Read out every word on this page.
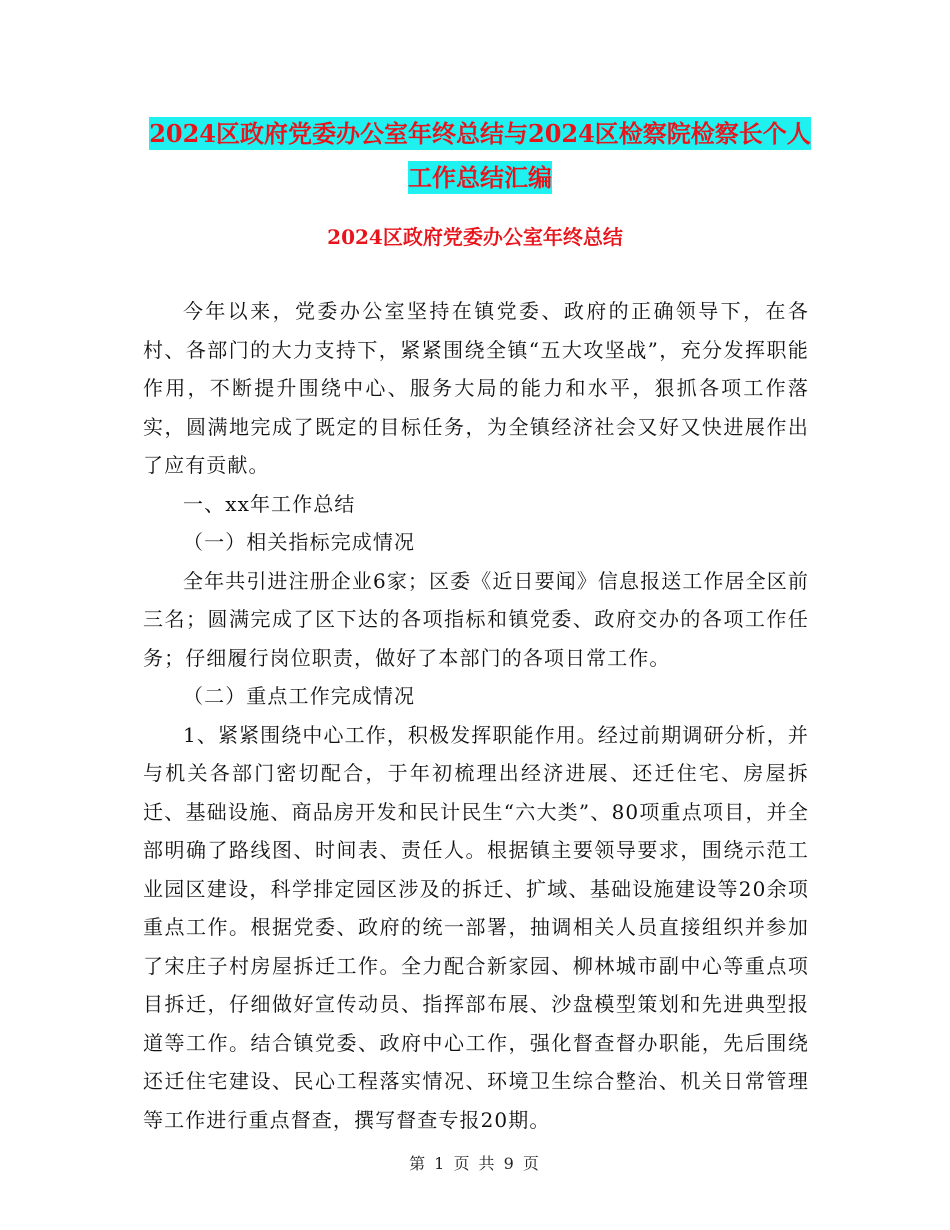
2024区政府党委办公室年终总结与2024区检察院检察长个人工作总结汇编
2024区政府党委办公室年终总结

今年以来，党委办公室坚持在镇党委、政府的正确领导下，在各村、各部门的大力支持下，紧紧围绕全镇“五大攻坚战”，充分发挥职能作用，不断提升围绕中心、服务大局的能力和水平，狠抓各项工作落实，圆满地完成了既定的目标任务，为全镇经济社会又好又快进展作出了应有贡献。

一、xx年工作总结

（一）相关指标完成情况

全年共引进注册企业6家；区委《近日要闻》信息报送工作居全区前三名；圆满完成了区下达的各项指标和镇党委、政府交办的各项工作任务；仔细履行岗位职责，做好了本部门的各项日常工作。

（二）重点工作完成情况

1、紧紧围绕中心工作，积极发挥职能作用。经过前期调研分析，并与机关各部门密切配合，于年初梳理出经济进展、还迁住宅、房屋拆迁、基础设施、商品房开发和民计民生“六大类”、80项重点项目，并全部明确了路线图、时间表、责任人。根据镇主要领导要求，围绕示范工业园区建设，科学排定园区涉及的拆迁、扩域、基础设施建设等20余项重点工作。根据党委、政府的统一部署，抽调相关人员直接组织并参加了宋庄子村房屋拆迁工作。全力配合新家园、柳林城市副中心等重点项目拆迁，仔细做好宣传动员、指挥部布展、沙盘模型策划和先进典型报道等工作。结合镇党委、政府中心工作，强化督查督办职能，先后围绕还迁住宅建设、民心工程落实情况、环境卫生综合整治、机关日常管理等工作进行重点督查，撰写督查专报20期。

第 1 页 共 9 页
